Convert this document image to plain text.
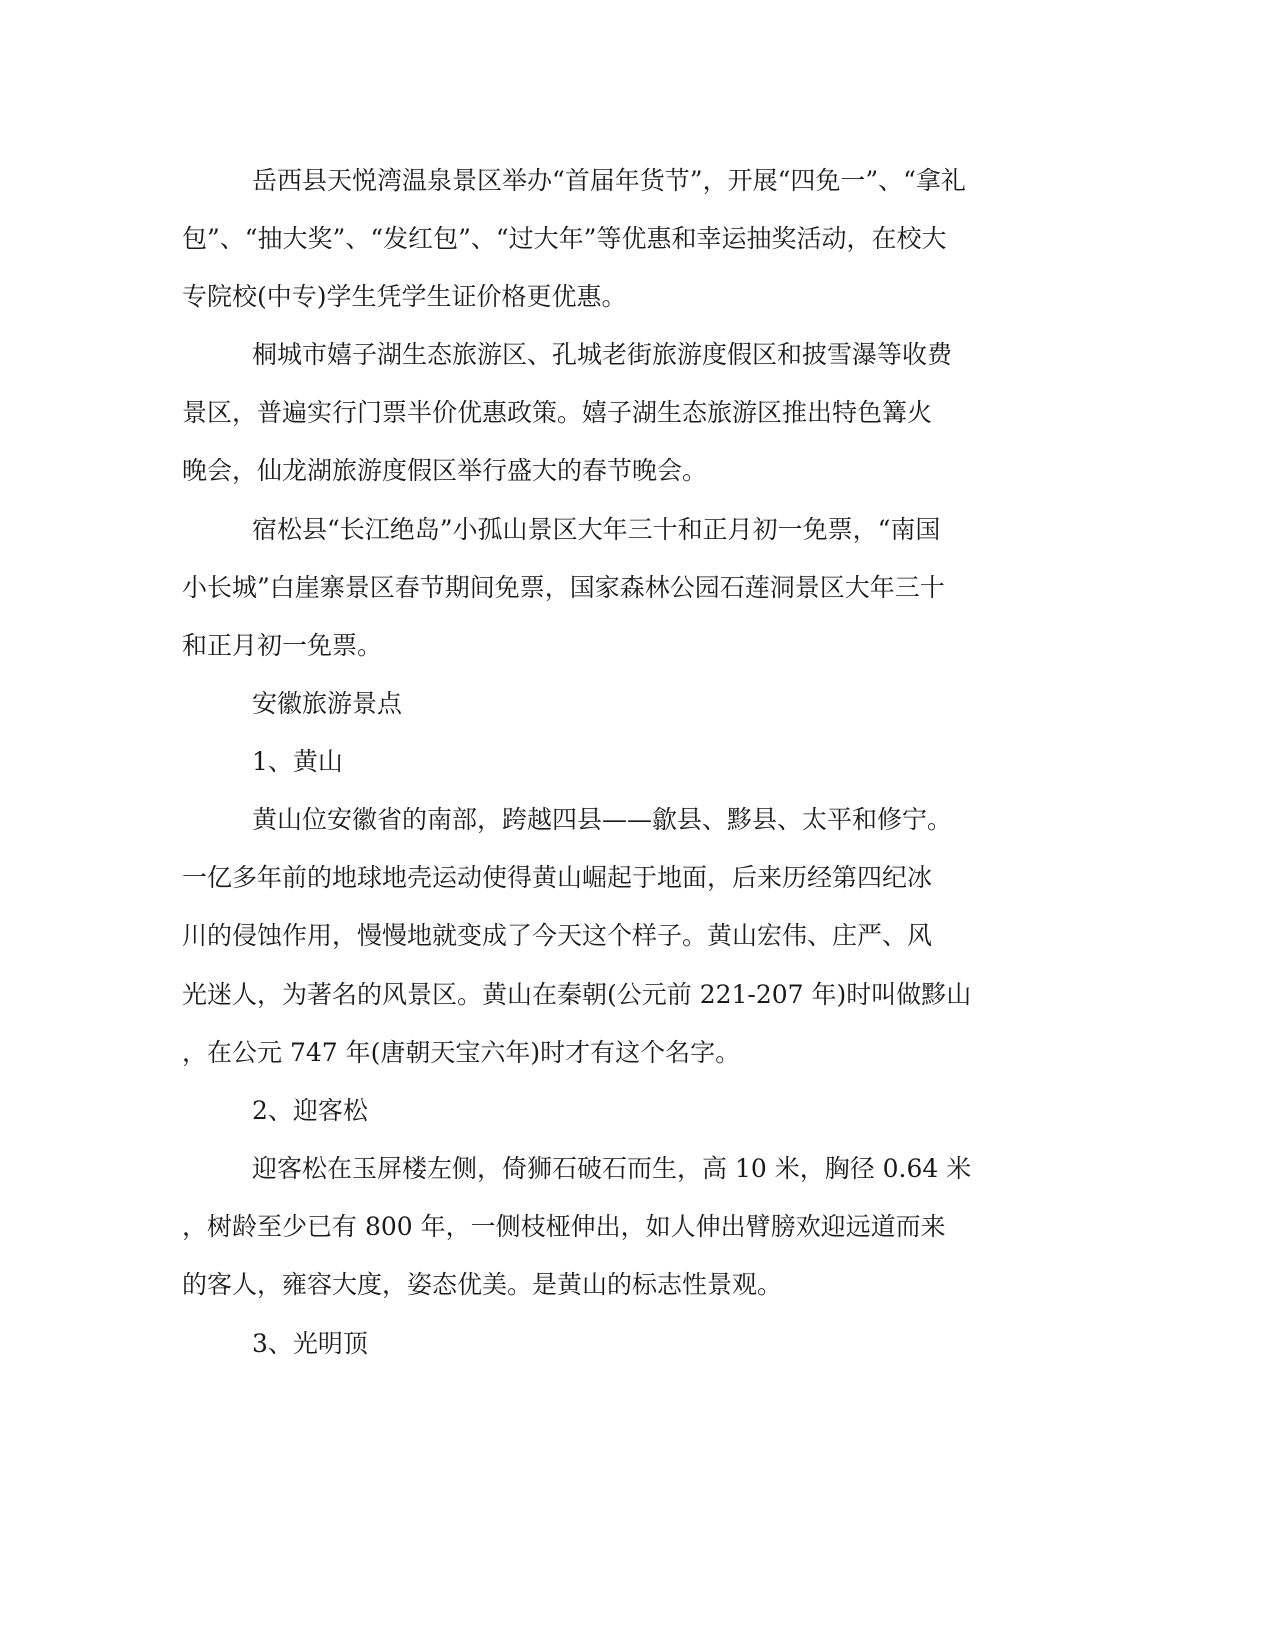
岳西县天悦湾温泉景区举办“首届年货节”，开展“四免一”、“拿礼

包”、“抽大奖”、“发红包”、“过大年”等优惠和幸运抽奖活动，在校大

专院校(中专)学生凭学生证价格更优惠。

桐城市嬉子湖生态旅游区、孔城老街旅游度假区和披雪瀑等收费

景区，普遍实行门票半价优惠政策。嬉子湖生态旅游区推出特色篝火

晚会，仙龙湖旅游度假区举行盛大的春节晚会。

宿松县“长江绝岛”小孤山景区大年三十和正月初一免票，“南国

小长城”白崖寨景区春节期间免票，国家森林公园石莲洞景区大年三十

和正月初一免票。

安徽旅游景点

1、黄山

黄山位安徽省的南部，跨越四县——歙县、黟县、太平和修宁。

一亿多年前的地球地壳运动使得黄山崛起于地面，后来历经第四纪冰

川的侵蚀作用，慢慢地就变成了今天这个样子。黄山宏伟、庄严、风

光迷人，为著名的风景区。黄山在秦朝(公元前 221-207 年)时叫做黟山

，在公元 747 年(唐朝天宝六年)时才有这个名字。

2、迎客松

迎客松在玉屏楼左侧，倚狮石破石而生，高 10 米，胸径 0.64 米

，树龄至少已有 800 年，一侧枝桠伸出，如人伸出臂膀欢迎远道而来

的客人，雍容大度，姿态优美。是黄山的标志性景观。

3、光明顶
